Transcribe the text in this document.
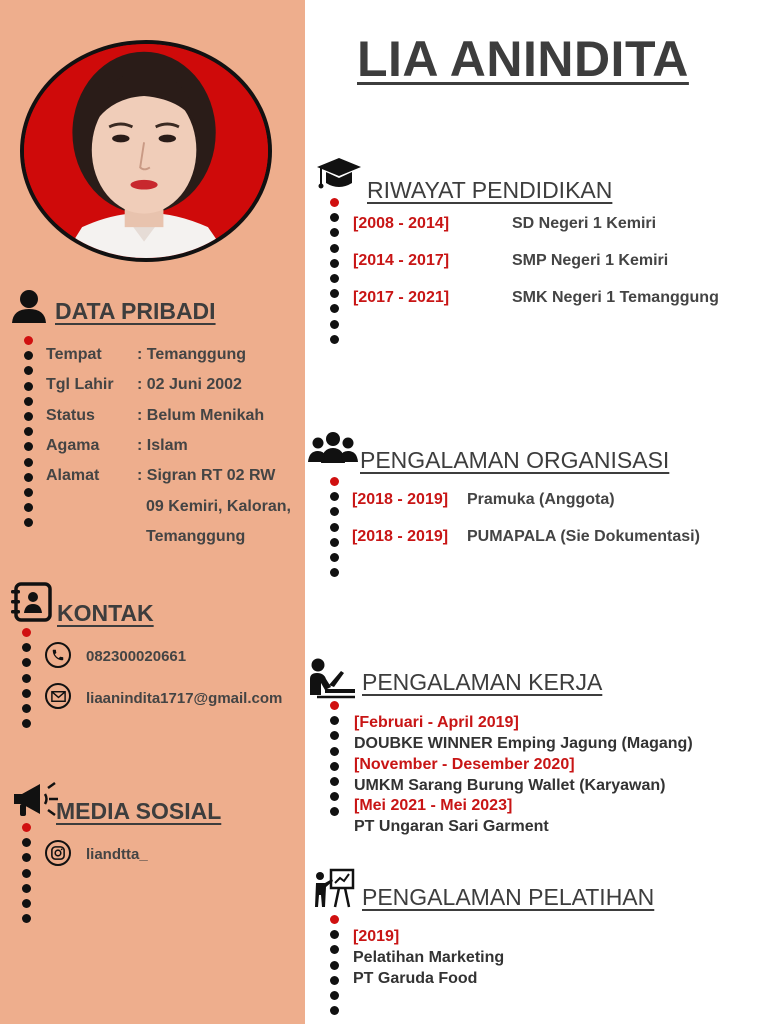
LIA ANINDITA
DATA PRIBADI
Tempat : Temanggung
Tgl Lahir : 02 Juni 2002
Status	: Belum Menikah
Agama : Islam
Alamat : Sigran RT 02 RW
09 Kemiri, Kaloran,
Temanggung
KONTAK
082300020661
liaanindita1717@gmail.com
MEDIA SOSIAL
liandtta_
RIWAYAT PENDIDIKAN
[2008 - 2014]	SD Negeri 1 Kemiri
[2014 - 2017]	SMP Negeri 1 Kemiri
[2017 - 2021]	SMK Negeri 1 Temanggung
PENGALAMAN ORGANISASI
[2018 - 2019] Pramuka (Anggota)
[2018 - 2019] PUMAPALA (Sie Dokumentasi)
PENGALAMAN KERJA
[Februari - April 2019]
DOUBKE WINNER Emping Jagung (Magang)
[November - Desember 2020]
UMKM Sarang Burung Wallet (Karyawan)
[Mei 2021 - Mei 2023]
PT Ungaran Sari Garment
PENGALAMAN PELATIHAN
[2019]
Pelatihan Marketing
PT Garuda Food
